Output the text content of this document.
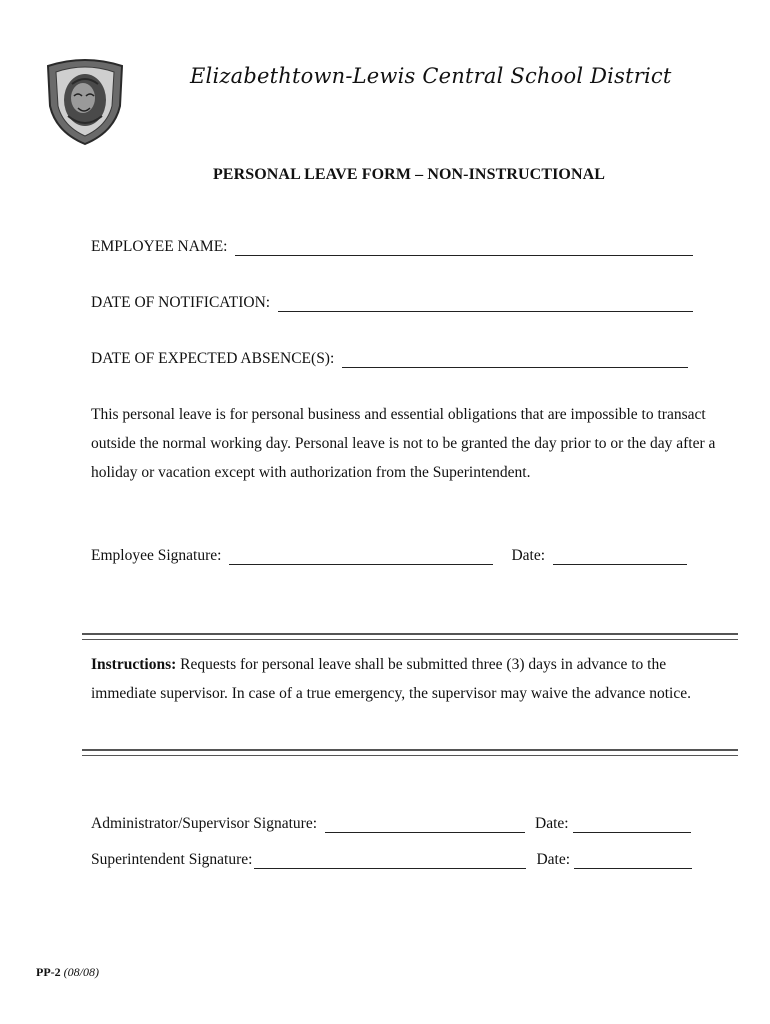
Elizabethtown-Lewis Central School District
PERSONAL LEAVE FORM – NON-INSTRUCTIONAL
EMPLOYEE NAME:
DATE OF NOTIFICATION:
DATE OF EXPECTED ABSENCE(S):
This personal leave is for personal business and essential obligations that are impossible to transact outside the normal working day. Personal leave is not to be granted the day prior to or the day after a holiday or vacation except with authorization from the Superintendent.
Employee Signature:	Date:
Instructions: Requests for personal leave shall be submitted three (3) days in advance to the immediate supervisor. In case of a true emergency, the supervisor may waive the advance notice.
Administrator/Supervisor Signature:	Date:
Superintendent Signature:	Date:
PP-2 (08/08)
